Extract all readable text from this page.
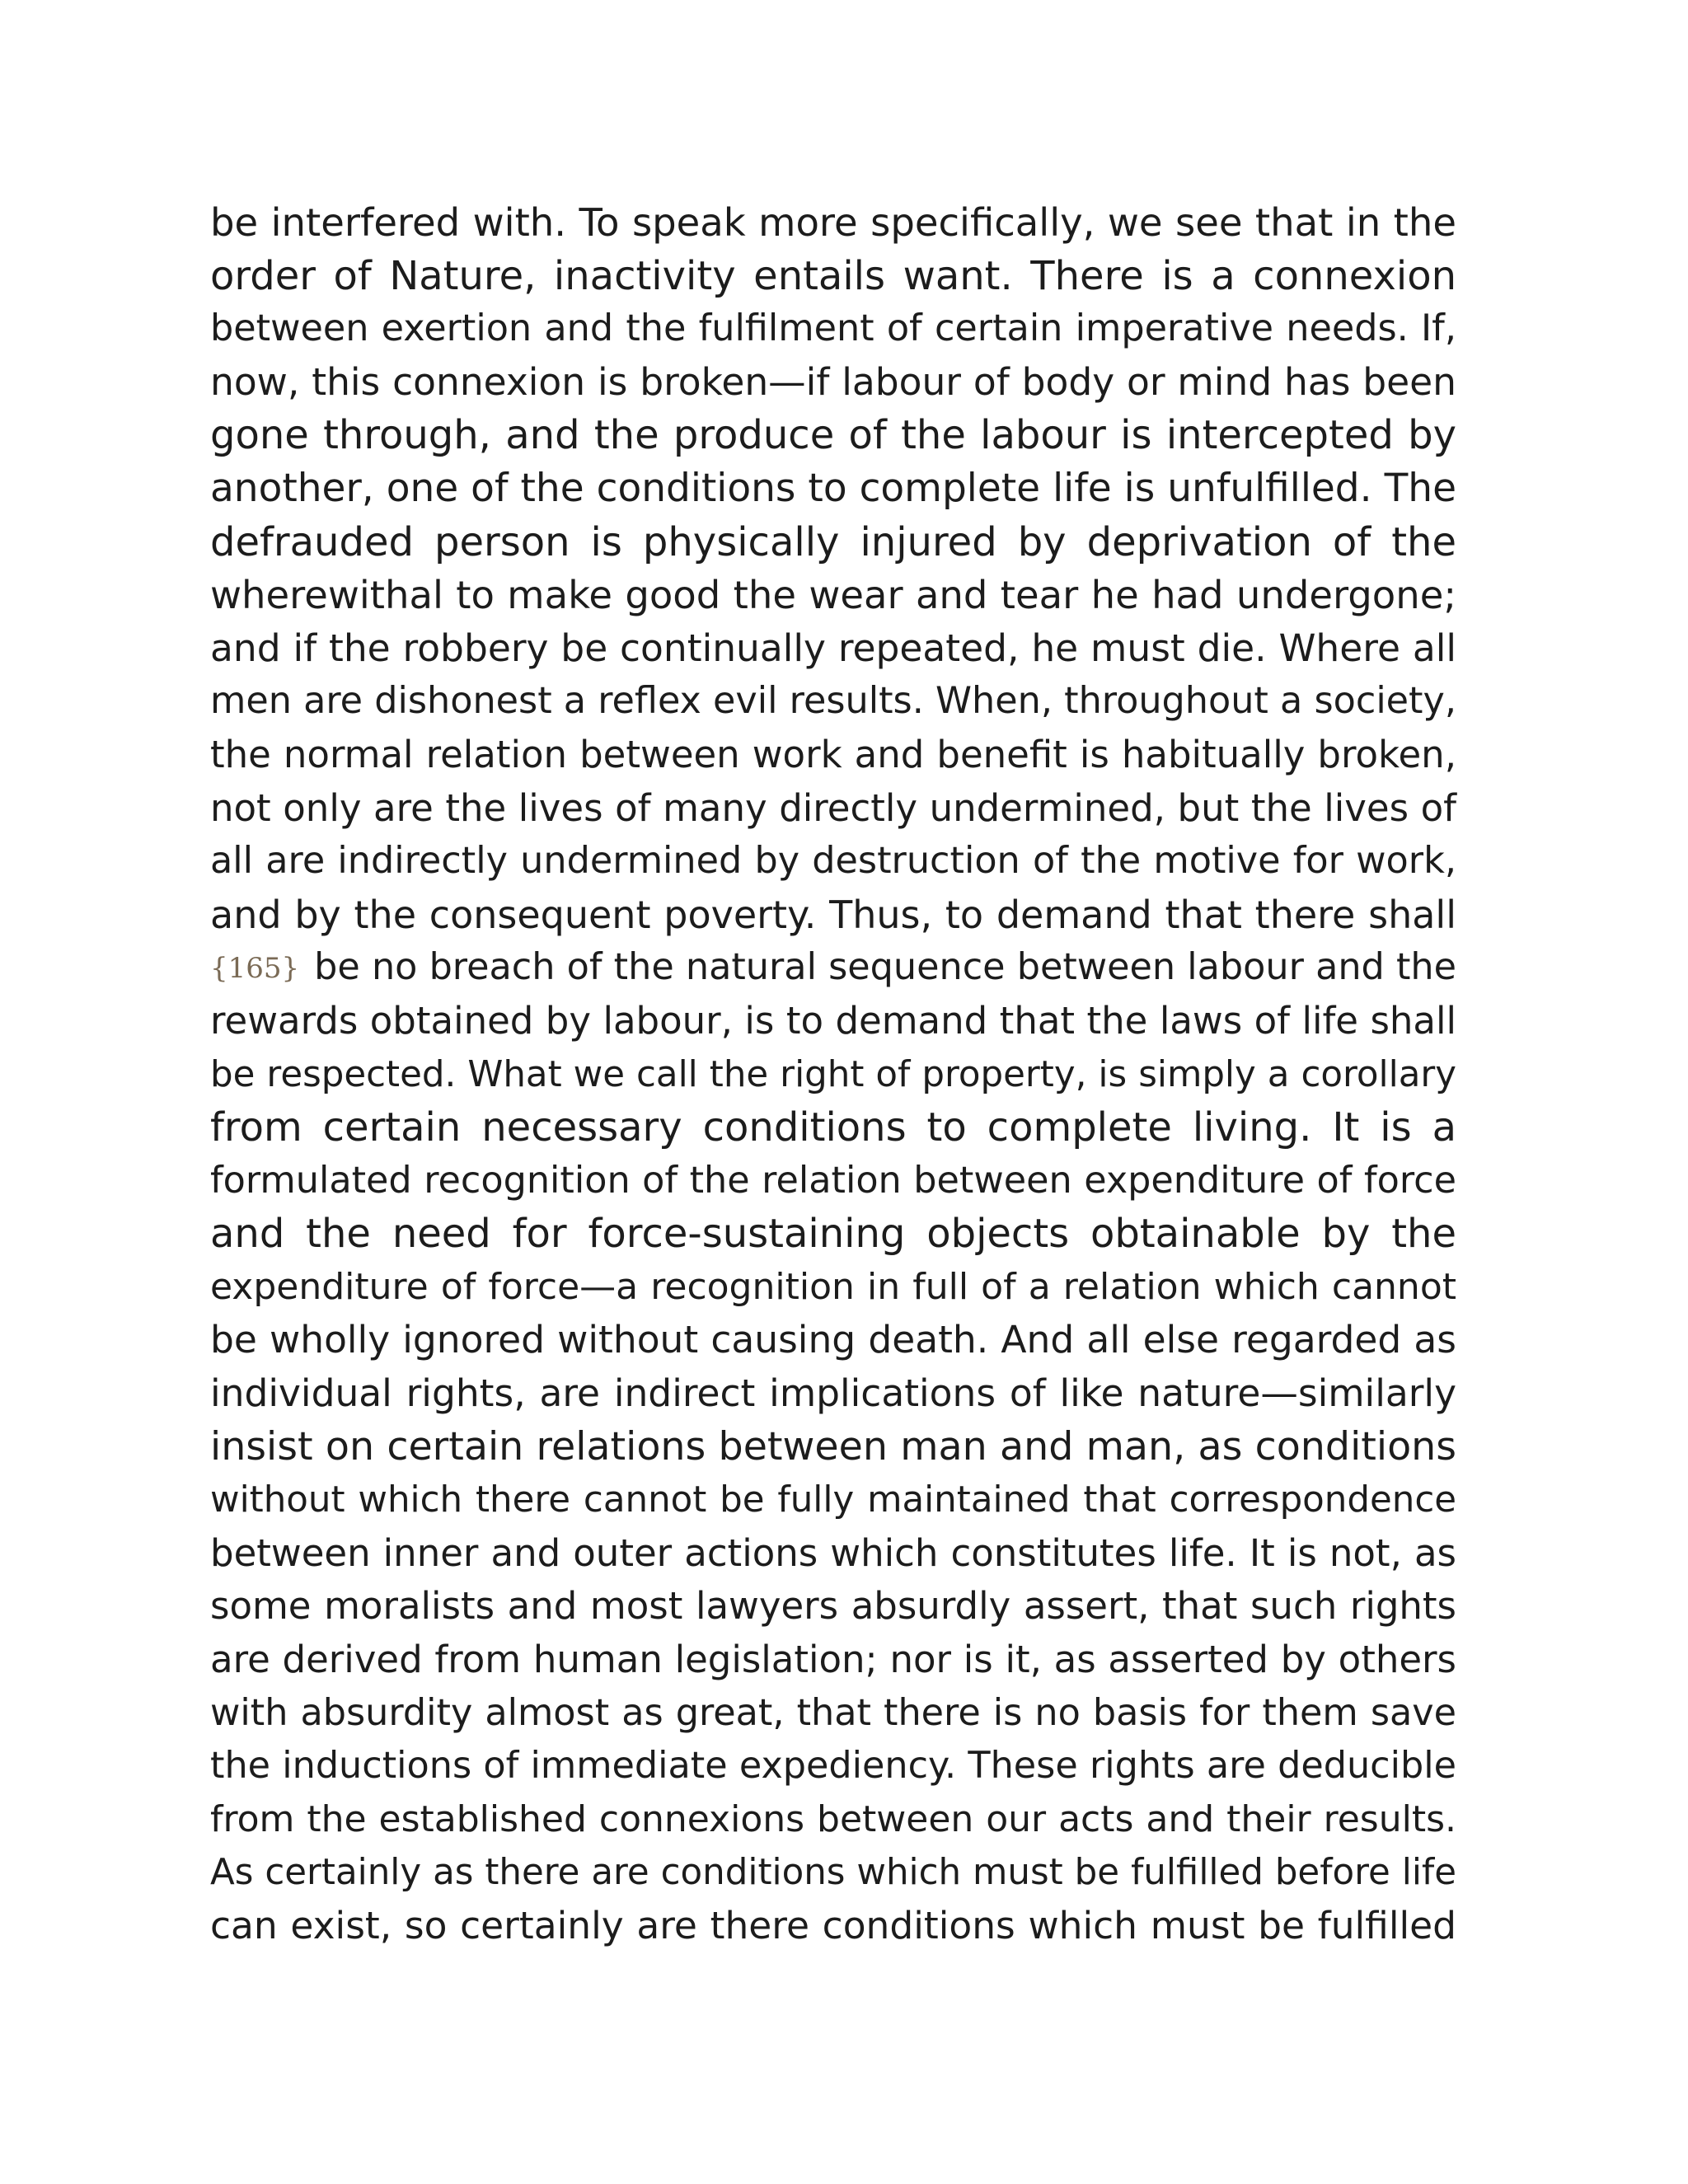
be interfered with. To speak more specifically, we see that in the
order of Nature, inactivity entails want. There is a connexion
between exertion and the fulfilment of certain imperative needs. If,
now, this connexion is broken—if labour of body or mind has been
gone through, and the produce of the labour is intercepted by
another, one of the conditions to complete life is unfulfilled. The
defrauded person is physically injured by deprivation of the
wherewithal to make good the wear and tear he had undergone;
and if the robbery be continually repeated, he must die. Where all
men are dishonest a reflex evil results. When, throughout a society,
the normal relation between work and benefit is habitually broken,
not only are the lives of many directly undermined, but the lives of
all are indirectly undermined by destruction of the motive for work,
and by the consequent poverty. Thus, to demand that there shall
{165} be no breach of the natural sequence between labour and the
rewards obtained by labour, is to demand that the laws of life shall
be respected. What we call the right of property, is simply a corollary
from certain necessary conditions to complete living. It is a
formulated recognition of the relation between expenditure of force
and the need for force-sustaining objects obtainable by the
expenditure of force—a recognition in full of a relation which cannot
be wholly ignored without causing death. And all else regarded as
individual rights, are indirect implications of like nature—similarly
insist on certain relations between man and man, as conditions
without which there cannot be fully maintained that correspondence
between inner and outer actions which constitutes life. It is not, as
some moralists and most lawyers absurdly assert, that such rights
are derived from human legislation; nor is it, as asserted by others
with absurdity almost as great, that there is no basis for them save
the inductions of immediate expediency. These rights are deducible
from the established connexions between our acts and their results.
As certainly as there are conditions which must be fulfilled before life
can exist, so certainly are there conditions which must be fulfilled
